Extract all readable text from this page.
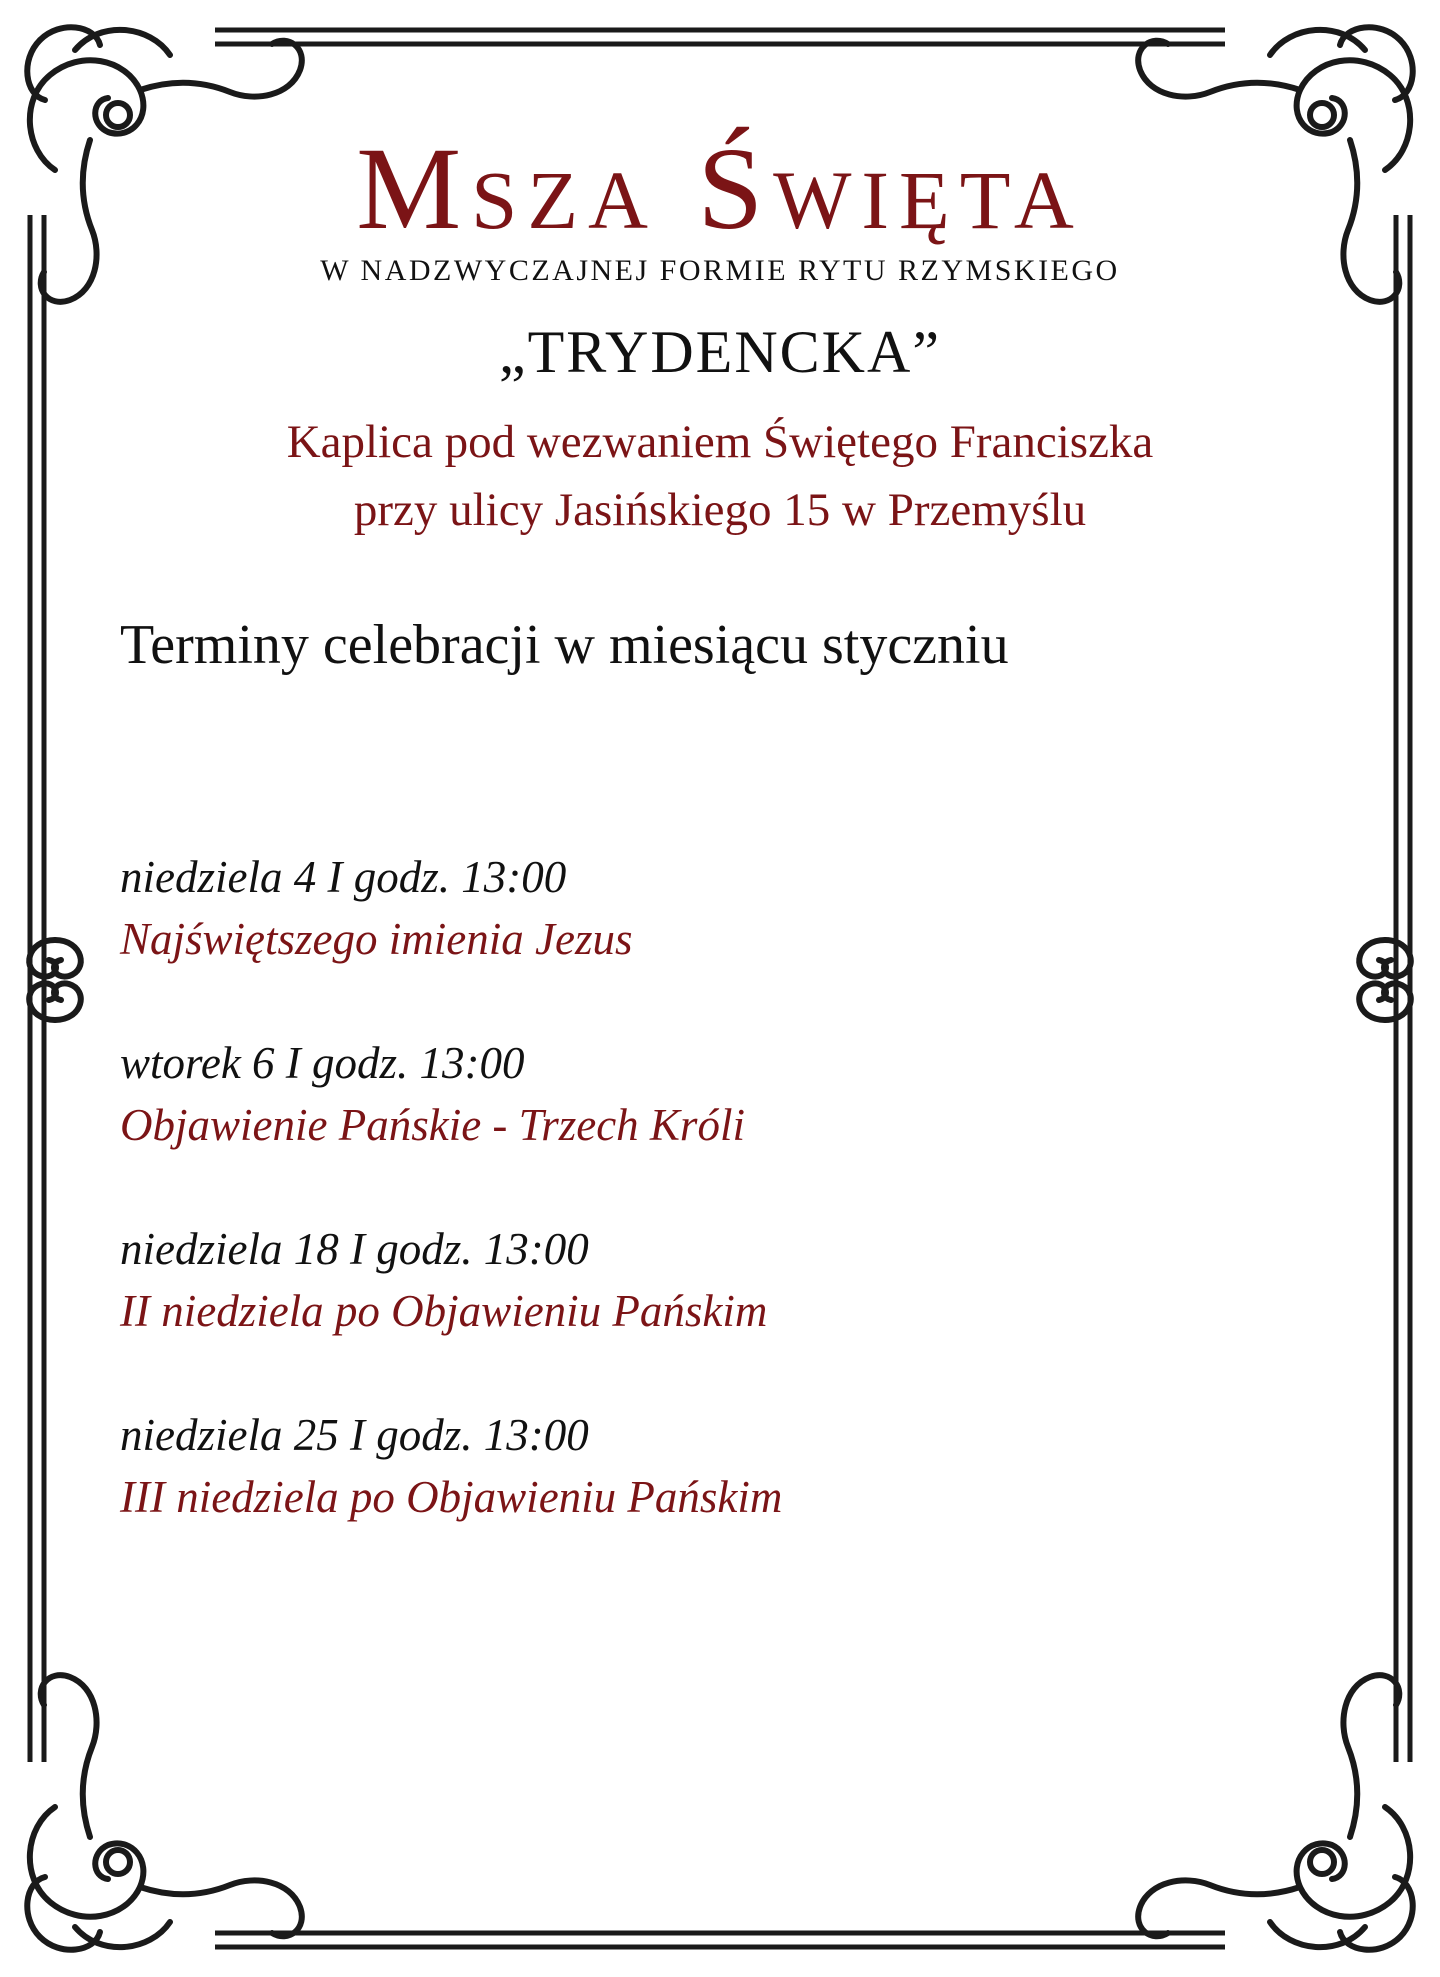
Msza Święta
W NADZWYCZAJNEJ FORMIE RYTU RZYMSKIEGO
„TRYDENCKA”
Kaplica pod wezwaniem Świętego Franciszka
przy ulicy Jasińskiego 15 w Przemyślu
Terminy celebracji w miesiącu styczniu
niedziela 4 I godz. 13:00
Najświętszego imienia Jezus
wtorek 6 I godz. 13:00
Objawienie Pańskie - Trzech Króli
niedziela 18 I godz. 13:00
II niedziela po Objawieniu Pańskim
niedziela 25 I godz. 13:00
III niedziela po Objawieniu Pańskim
